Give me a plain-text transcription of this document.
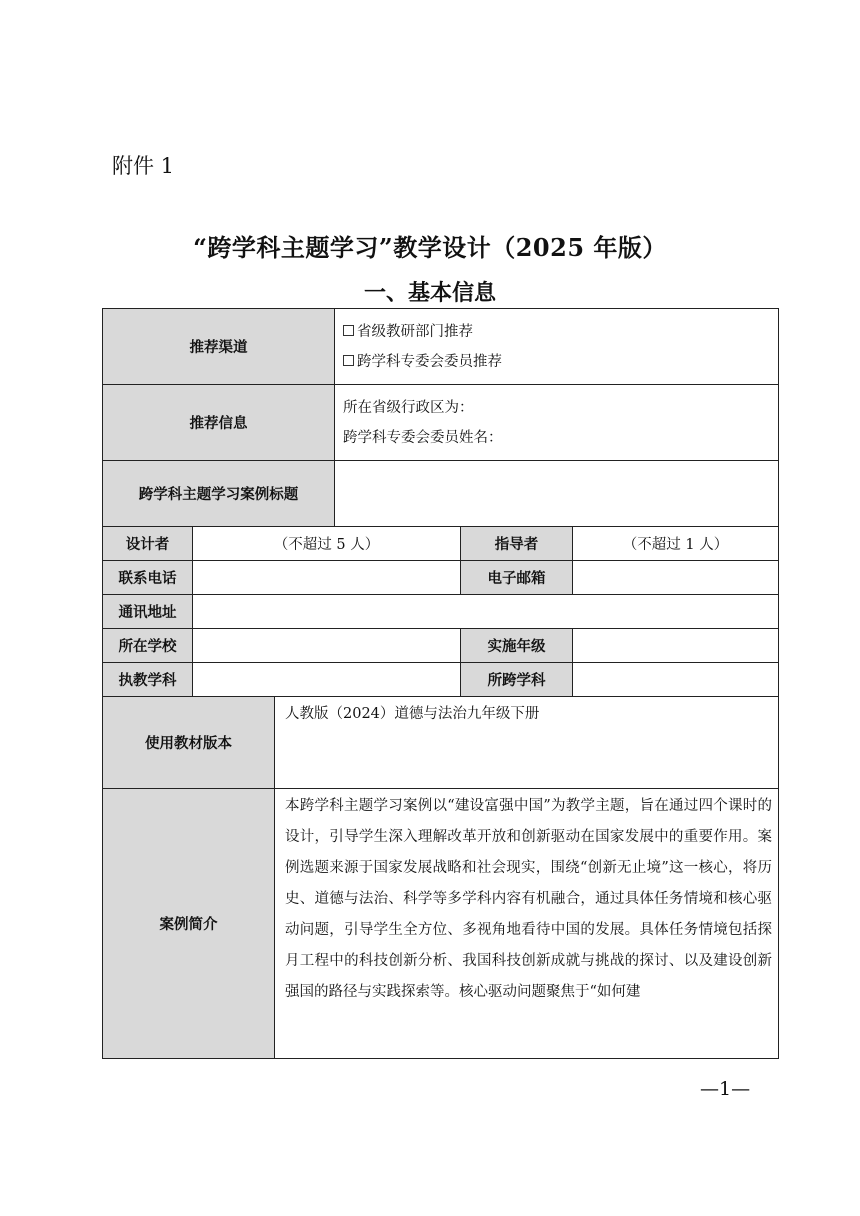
附件 1
“跨学科主题学习”教学设计（2025 年版）
一、基本信息
推荐渠道			省级教研部门推荐
跨学科专委会委员推荐		

推荐信息			所在省级行政区为：
跨学科专委会委员姓名：		

跨学科主题学习案例标题					
设计者	（不超过 5 人）			指导者	（不超过 1 人）
联系电话				电子邮箱	
通讯地址					
所在学校				实施年级	
执教学科				所跨学科	
使用教材版本		人教版（2024）道德与法治九年级下册			

案例简介		本跨学科主题学习案例以“建设富强中国”为教学主题，旨在通过四个课时的设计，引导学生深入理解改革开放和创新驱动在国家发展中的重要作用。案例选题来源于国家发展战略和社会现实，围绕“创新无止境”这一核心，将历史、道德与法治、科学等多学科内容有机融合，通过具体任务情境和核心驱动问题，引导学生全方位、多视角地看待中国的发展。具体任务情境包括探月工程中的科技创新分析、我国科技创新成就与挑战的探讨、以及建设创新强国的路径与实践探索等。核心驱动问题聚焦于“如何建			
—1—
